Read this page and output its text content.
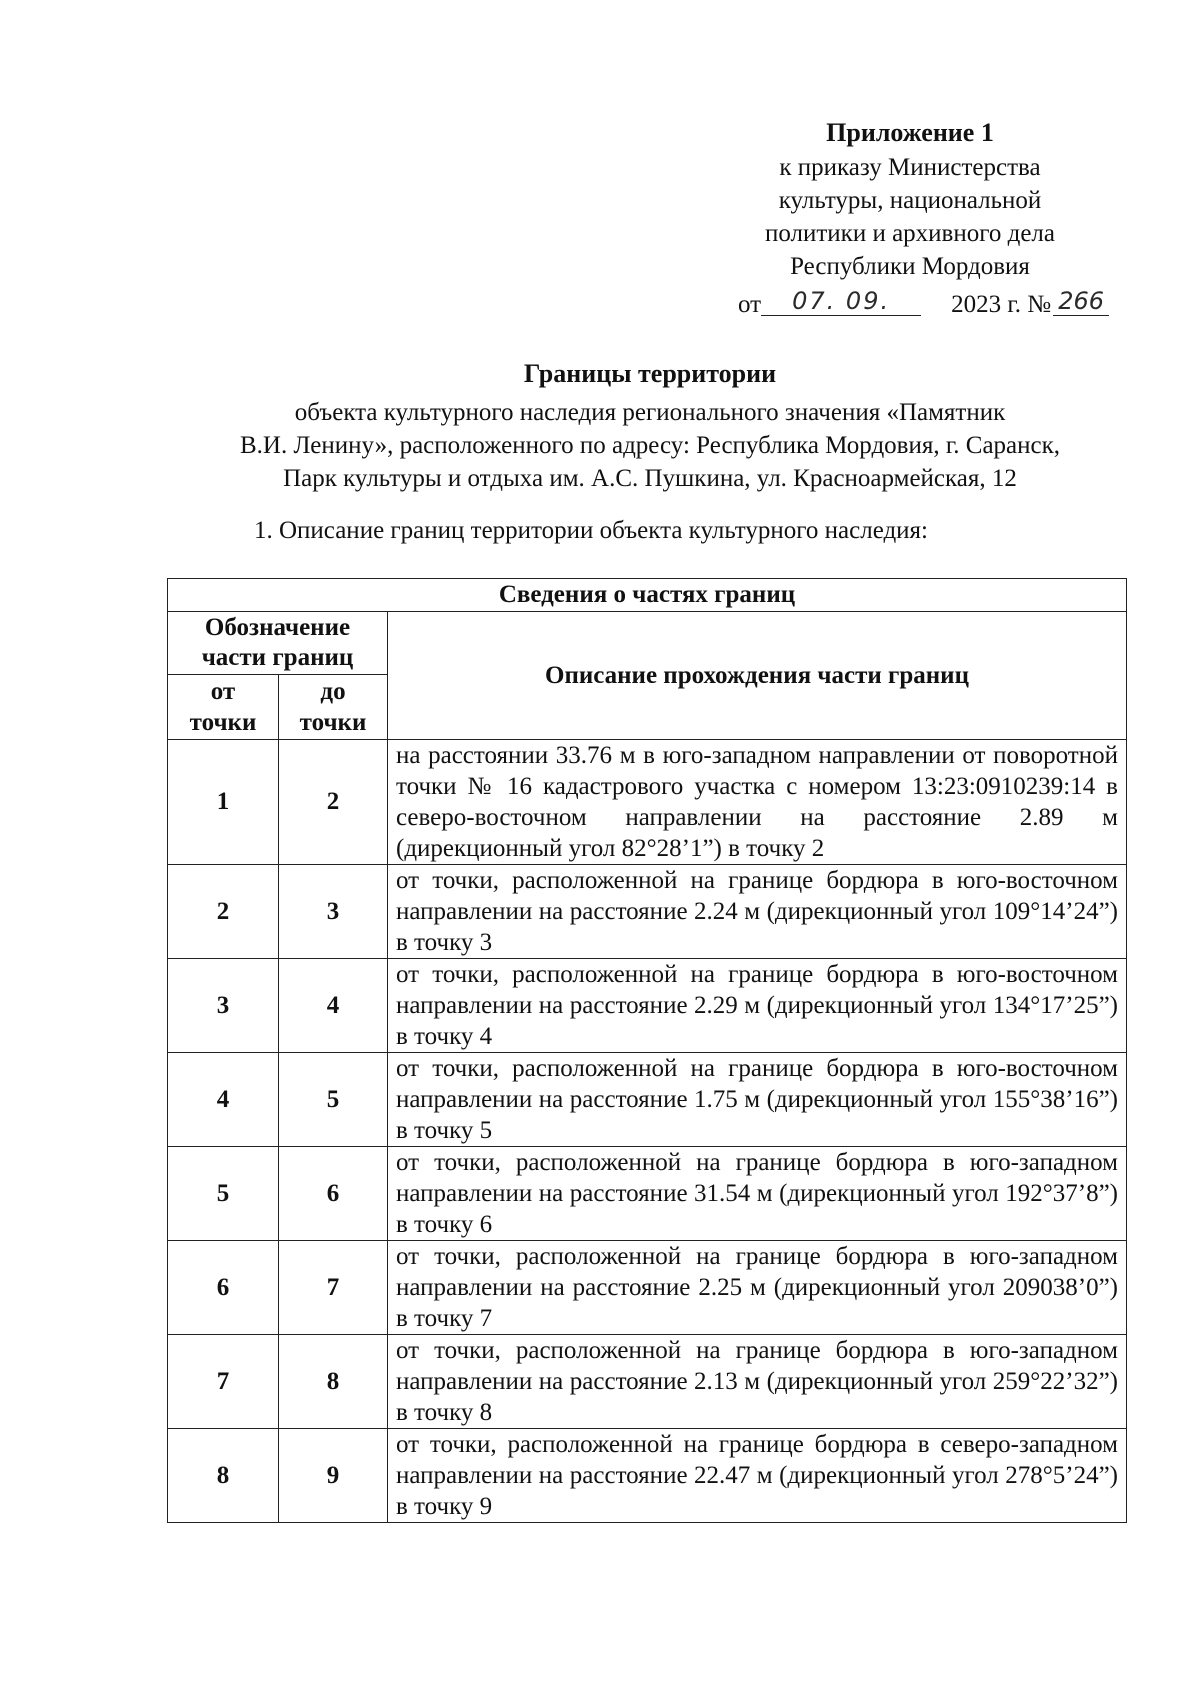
Приложение 1
к приказу Министерства
культуры, национальной
политики и архивного дела
Республики Мордовия
от 07. 09. 2023 г. № 266
Границы территории
объекта культурного наследия регионального значения «Памятник
В.И. Ленину», расположенного по адресу: Республика Мордовия, г. Саранск,
Парк культуры и отдыха им. А.С. Пушкина, ул. Красноармейская, 12
1. Описание границ территории объекта культурного наследия:
Сведения о частях границ		
Обозначение части границ		Описание прохождения части границ
от точки	до точки	
1	2	на расстоянии 33.76 м в юго-западном направлении от поворотной точки № 16 кадастрового участка с номером 13:23:0910239:14 в северо-восточном направлении на расстояние 2.89 м (дирекционный угол 82°28’1”) в точку 2
2	3	от точки, расположенной на границе бордюра в юго-восточном направлении на расстояние 2.24 м (дирекционный угол 109°14’24”) в точку 3
3	4	от точки, расположенной на границе бордюра в юго-восточном направлении на расстояние 2.29 м (дирекционный угол 134°17’25”) в точку 4
4	5	от точки, расположенной на границе бордюра в юго-восточном направлении на расстояние 1.75 м (дирекционный угол 155°38’16”) в точку 5
5	6	от точки, расположенной на границе бордюра в юго-западном направлении на расстояние 31.54 м (дирекционный угол 192°37’8”) в точку 6
6	7	от точки, расположенной на границе бордюра в юго-западном направлении на расстояние 2.25 м (дирекционный угол 209038’0”) в точку 7
7	8	от точки, расположенной на границе бордюра в юго-западном направлении на расстояние 2.13 м (дирекционный угол 259°22’32”) в точку 8
8	9	от точки, расположенной на границе бордюра в северо-западном направлении на расстояние 22.47 м (дирекционный угол 278°5’24”) в точку 9
